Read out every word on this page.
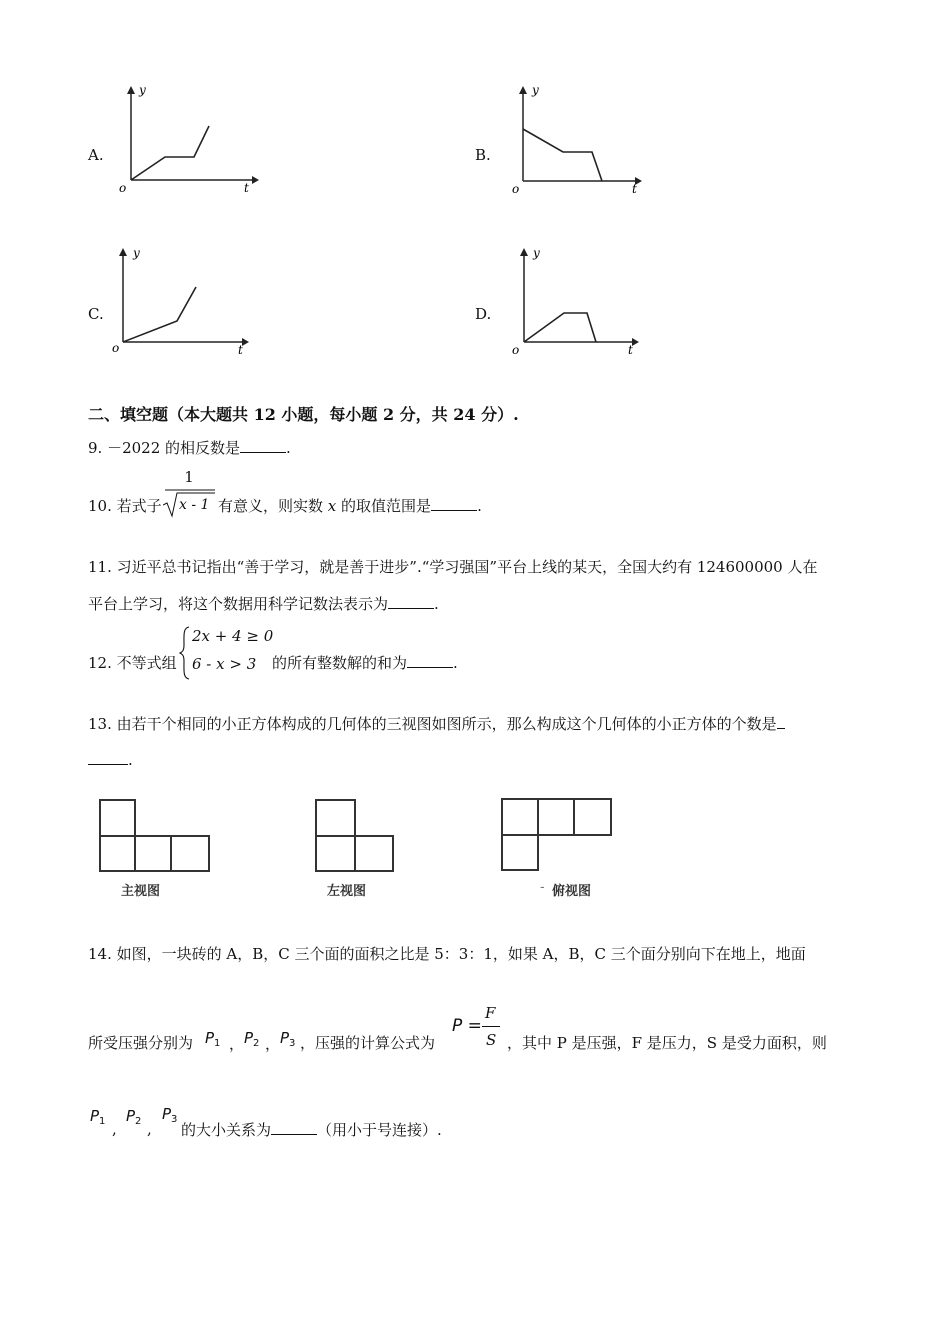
A.
y
t
o
B.
y
t
o
C.
y
t
o
D.
y
t
o
二、填空题（本大题共 12 小题，每小题 2 分，共 24 分）.
9. －2022 的相反数是	.
10. 若式子
1
x - 1 有意义，则实数 x 的取值范围是	.
11. 习近平总书记指出“善于学习，就是善于进步”.“学习强国”平台上线的某天，全国大约有 124600000 人在
平台上学习，将这个数据用科学记数法表示为	.
12. 不等式组
2x + 4 ≥ 0
6 - x > 3 的所有整数解的和为	.
13. 由若干个相同的小正方体构成的几何体的三视图如图所示，那么构成这个几何体的小正方体的个数是
.
主视图	左视图	- 俯视图
14. 如图，一块砖的 A，B，C 三个面的面积之比是 5：3：1，如果 A，B，C 三个面分别向下在地上，地面
所受压强分别为 $P_1$ ， $P_2$ ， $P_3$ ，压强的计算公式为
P =
F
S ，其中 P 是压强，F 是压力，S 是受力面积，则
$P_1$ ,
$P_2$ ,
$P_3$
的大小关系为	（用小于号连接）.
